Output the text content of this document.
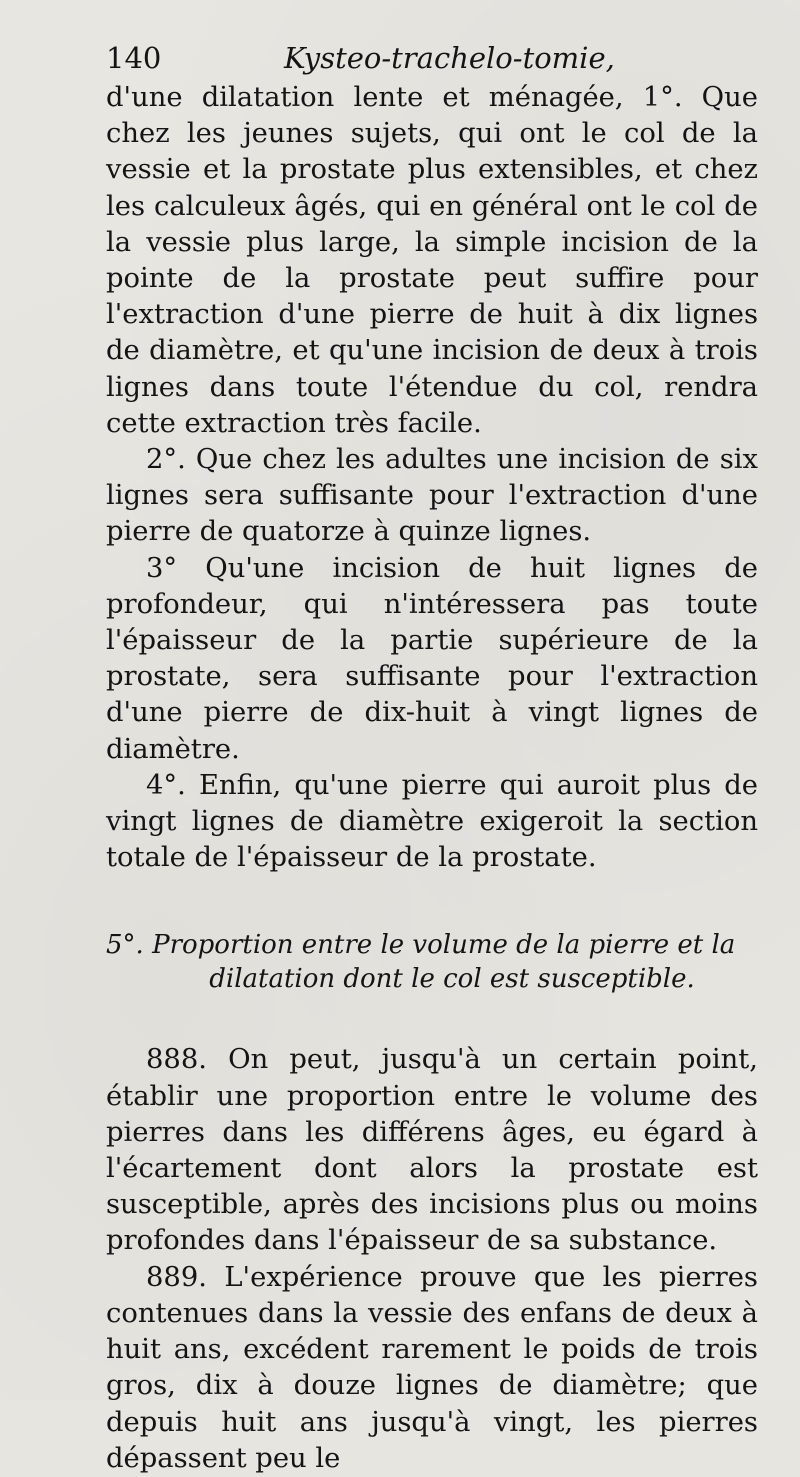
140	Kysteo-trachelo-tomie,

d'une dilatation lente et ménagée, 1°. Que chez les jeunes sujets, qui ont le col de la vessie et la prostate plus extensibles, et chez les calculeux âgés, qui en général ont le col de la vessie plus large, la simple incision de la pointe de la prostate peut suffire pour l'extraction d'une pierre de huit à dix lignes de diamètre, et qu'une incision de deux à trois lignes dans toute l'étendue du col, rendra cette extraction très facile.

2°. Que chez les adultes une incision de six lignes sera suffisante pour l'extraction d'une pierre de quatorze à quinze lignes.

3° Qu'une incision de huit lignes de profondeur, qui n'intéressera pas toute l'épaisseur de la partie supérieure de la prostate, sera suffisante pour l'extraction d'une pierre de dix-huit à vingt lignes de diamètre.

4°. Enfin, qu'une pierre qui auroit plus de vingt lignes de diamètre exigeroit la section totale de l'épaisseur de la prostate.

5°. Proportion entre le volume de la pierre et la
dilatation dont le col est susceptible.

888. On peut, jusqu'à un certain point, établir une proportion entre le volume des pierres dans les différens âges, eu égard à l'écartement dont alors la prostate est susceptible, après des incisions plus ou moins profondes dans l'épaisseur de sa substance.

889. L'expérience prouve que les pierres contenues dans la vessie des enfans de deux à huit ans, excédent rarement le poids de trois gros, dix à douze lignes de diamètre; que depuis huit ans jusqu'à vingt, les pierres dépassent peu le
